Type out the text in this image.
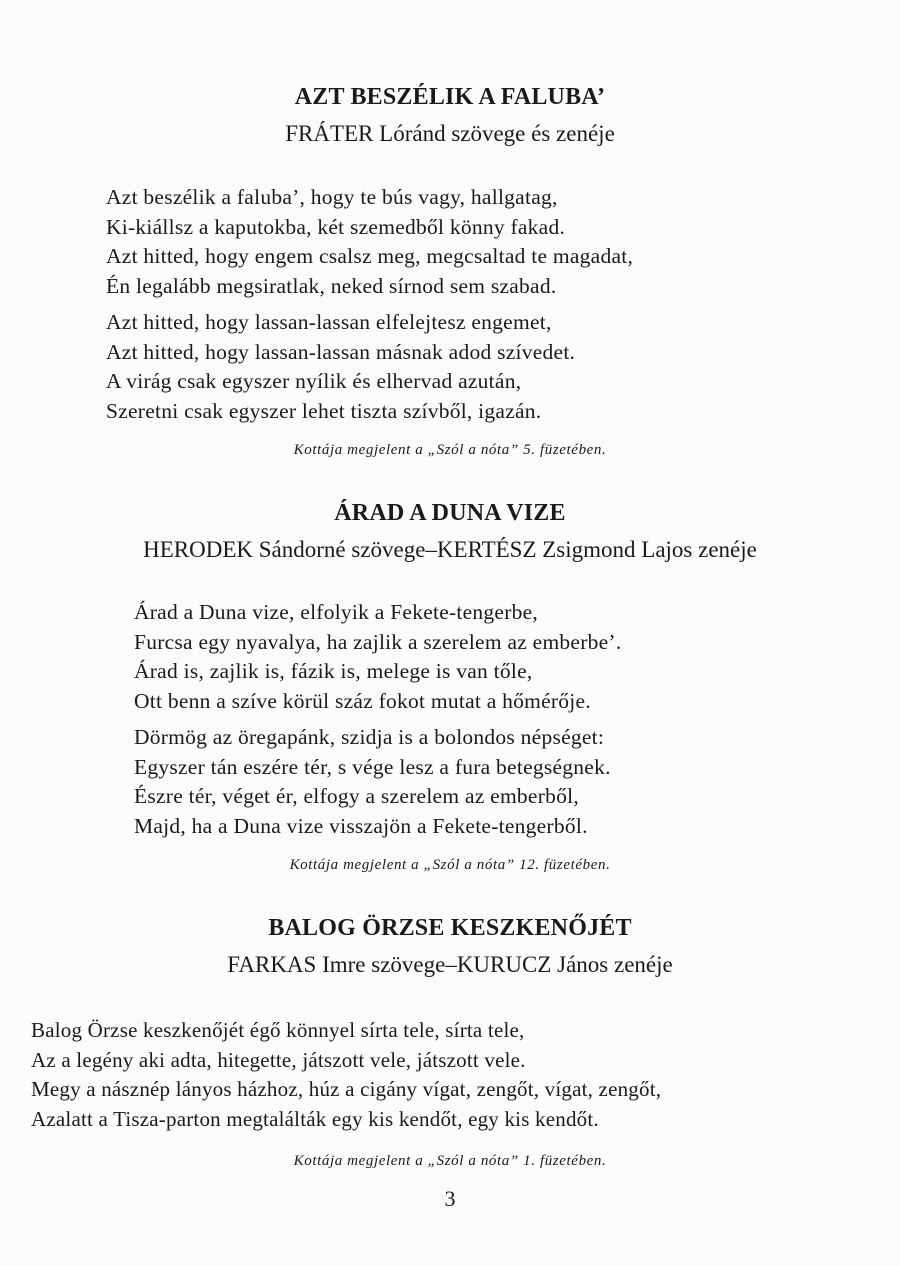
AZT BESZÉLIK A FALUBA’

FRÁTER Lóránd szövege és zenéje

Azt beszélik a faluba’, hogy te bús vagy, hallgatag,
Ki-kiállsz a kaputokba, két szemedből könny fakad.
Azt hitted, hogy engem csalsz meg, megcsaltad te magadat,
Én legalább megsiratlak, neked sírnod sem szabad.
Azt hitted, hogy lassan-lassan elfelejtesz engemet,
Azt hitted, hogy lassan-lassan másnak adod szívedet.
A virág csak egyszer nyílik és elhervad azután,
Szeretni csak egyszer lehet tiszta szívből, igazán.
Kottája megjelent a „Szól a nóta” 5. füzetében.
ÁRAD A DUNA VIZE

HERODEK Sándorné szövege–KERTÉSZ Zsigmond Lajos zenéje

Árad a Duna vize, elfolyik a Fekete-tengerbe,
Furcsa egy nyavalya, ha zajlik a szerelem az emberbe’.
Árad is, zajlik is, fázik is, melege is van tőle,
Ott benn a szíve körül száz fokot mutat a hőmérője.
Dörmög az öregapánk, szidja is a bolondos népséget:
Egyszer tán eszére tér, s vége lesz a fura betegségnek.
Észre tér, véget ér, elfogy a szerelem az emberből,
Majd, ha a Duna vize visszajön a Fekete-tengerből.
Kottája megjelent a „Szól a nóta” 12. füzetében.
BALOG ÖRZSE KESZKENŐJÉT

FARKAS Imre szövege–KURUCZ János zenéje

Balog Örzse keszkenőjét égő könnyel sírta tele, sírta tele,
Az a legény aki adta, hitegette, játszott vele, játszott vele.
Megy a násznép lányos házhoz, húz a cigány vígat, zengőt, vígat, zengőt,
Azalatt a Tisza-parton megtalálták egy kis kendőt, egy kis kendőt.
Kottája megjelent a „Szól a nóta” 1. füzetében.
3
